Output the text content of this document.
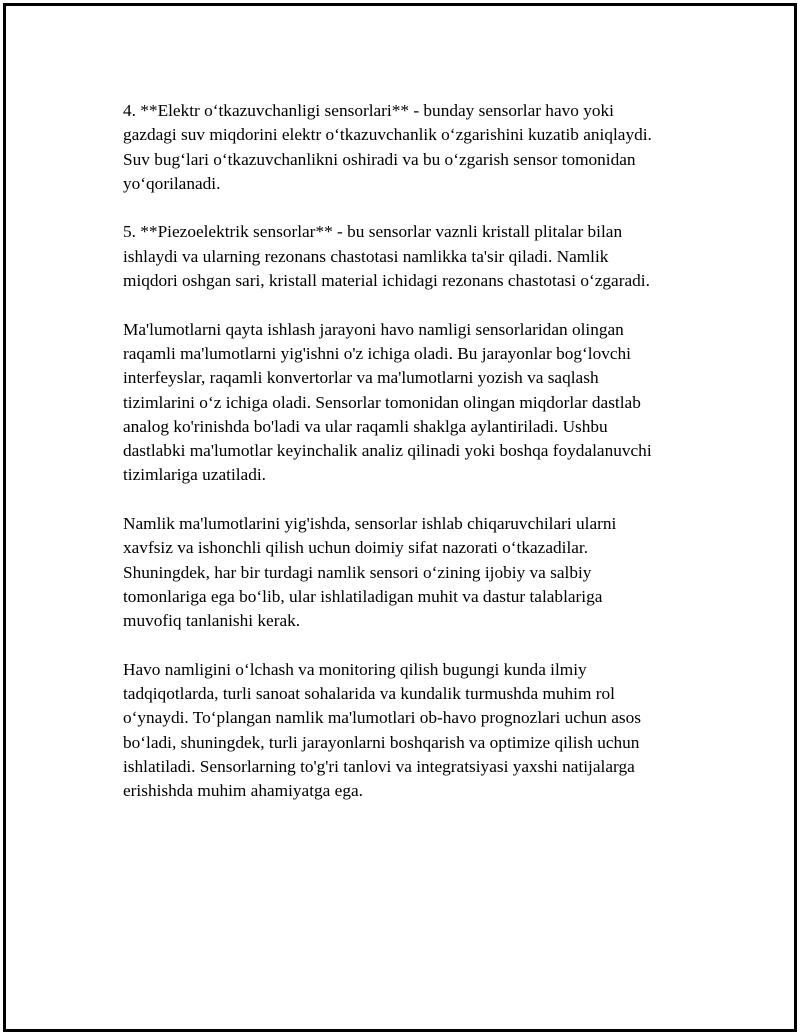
4. **Elektr o‘tkazuvchanligi sensorlari** - bunday sensorlar havo yoki
gazdagi suv miqdorini elektr o‘tkazuvchanlik o‘zgarishini kuzatib aniqlaydi.
Suv bug‘lari o‘tkazuvchanlikni oshiradi va bu o‘zgarish sensor tomonidan
yo‘qorilanadi.

5. **Piezoelektrik sensorlar** - bu sensorlar vaznli kristall plitalar bilan
ishlaydi va ularning rezonans chastotasi namlikka ta'sir qiladi. Namlik
miqdori oshgan sari, kristall material ichidagi rezonans chastotasi o‘zgaradi.

Ma'lumotlarni qayta ishlash jarayoni havo namligi sensorlaridan olingan
raqamli ma'lumotlarni yig'ishni o'z ichiga oladi. Bu jarayonlar bog‘lovchi
interfeyslar, raqamli konvertorlar va ma'lumotlarni yozish va saqlash
tizimlarini o‘z ichiga oladi. Sensorlar tomonidan olingan miqdorlar dastlab
analog ko'rinishda bo'ladi va ular raqamli shaklga aylantiriladi. Ushbu
dastlabki ma'lumotlar keyinchalik analiz qilinadi yoki boshqa foydalanuvchi
tizimlariga uzatiladi.

Namlik ma'lumotlarini yig'ishda, sensorlar ishlab chiqaruvchilari ularni
xavfsiz va ishonchli qilish uchun doimiy sifat nazorati o‘tkazadilar.
Shuningdek, har bir turdagi namlik sensori o‘zining ijobiy va salbiy
tomonlariga ega bo‘lib, ular ishlatiladigan muhit va dastur talablariga
muvofiq tanlanishi kerak.

Havo namligini o‘lchash va monitoring qilish bugungi kunda ilmiy
tadqiqotlarda, turli sanoat sohalarida va kundalik turmushda muhim rol
o‘ynaydi. To‘plangan namlik ma'lumotlari ob-havo prognozlari uchun asos
bo‘ladi, shuningdek, turli jarayonlarni boshqarish va optimize qilish uchun
ishlatiladi. Sensorlarning to'g'ri tanlovi va integratsiyasi yaxshi natijalarga
erishishda muhim ahamiyatga ega.
